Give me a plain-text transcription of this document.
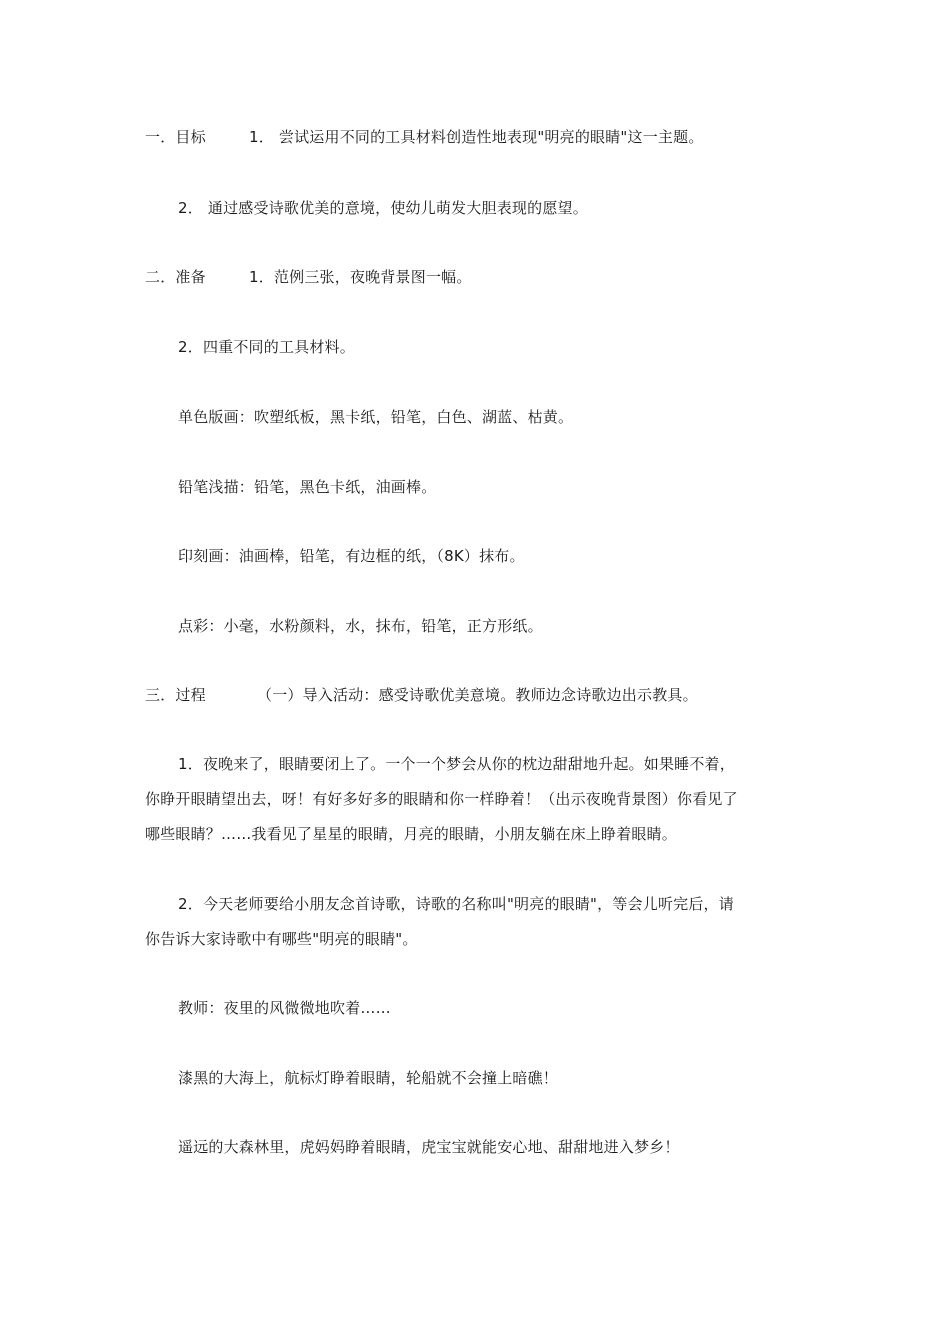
一．目标	1． 尝试运用不同的工具材料创造性地表现"明亮的眼睛"这一主题。
2． 通过感受诗歌优美的意境，使幼儿萌发大胆表现的愿望。
二．准备	1．范例三张，夜晚背景图一幅。
2．四重不同的工具材料。
单色版画：吹塑纸板，黑卡纸，铅笔，白色、湖蓝、枯黄。
铅笔浅描：铅笔，黑色卡纸，油画棒。
印刻画：油画棒，铅笔，有边框的纸，（8K）抹布。
点彩：小毫，水粉颜料，水，抹布，铅笔，正方形纸。
三．过程	（一）导入活动：感受诗歌优美意境。教师边念诗歌边出示教具。
1．夜晚来了，眼睛要闭上了。一个一个梦会从你的枕边甜甜地升起。如果睡不着，
你睁开眼睛望出去，呀！有好多好多的眼睛和你一样睁着！（出示夜晚背景图）你看见了
哪些眼睛？……我看见了星星的眼睛，月亮的眼睛，小朋友躺在床上睁着眼睛。
2．今天老师要给小朋友念首诗歌，诗歌的名称叫"明亮的眼睛"，等会儿听完后，请
你告诉大家诗歌中有哪些"明亮的眼睛"。
教师：夜里的风微微地吹着……
漆黑的大海上，航标灯睁着眼睛，轮船就不会撞上暗礁！
遥远的大森林里，虎妈妈睁着眼睛，虎宝宝就能安心地、甜甜地进入梦乡！
